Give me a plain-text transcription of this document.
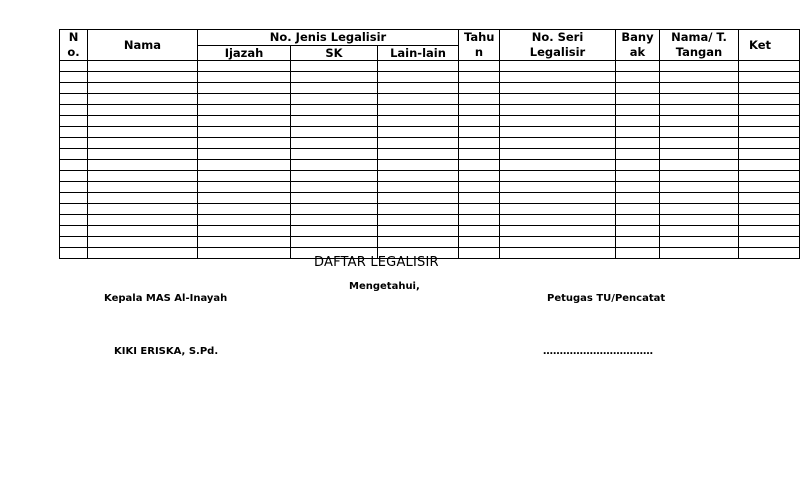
No.	Nama	No. Jenis Legalisir			Tahu n	No. Seri Legalisir	Bany ak	Nama/ T. Tangan	Ket
		Ijazah	SK	Lain-lain					

DAFTAR LEGALISIR
Mengetahui,
Kepala MAS Al-Inayah	Petugas TU/Pencatat
KIKI ERISKA, S.Pd.	……………………………
